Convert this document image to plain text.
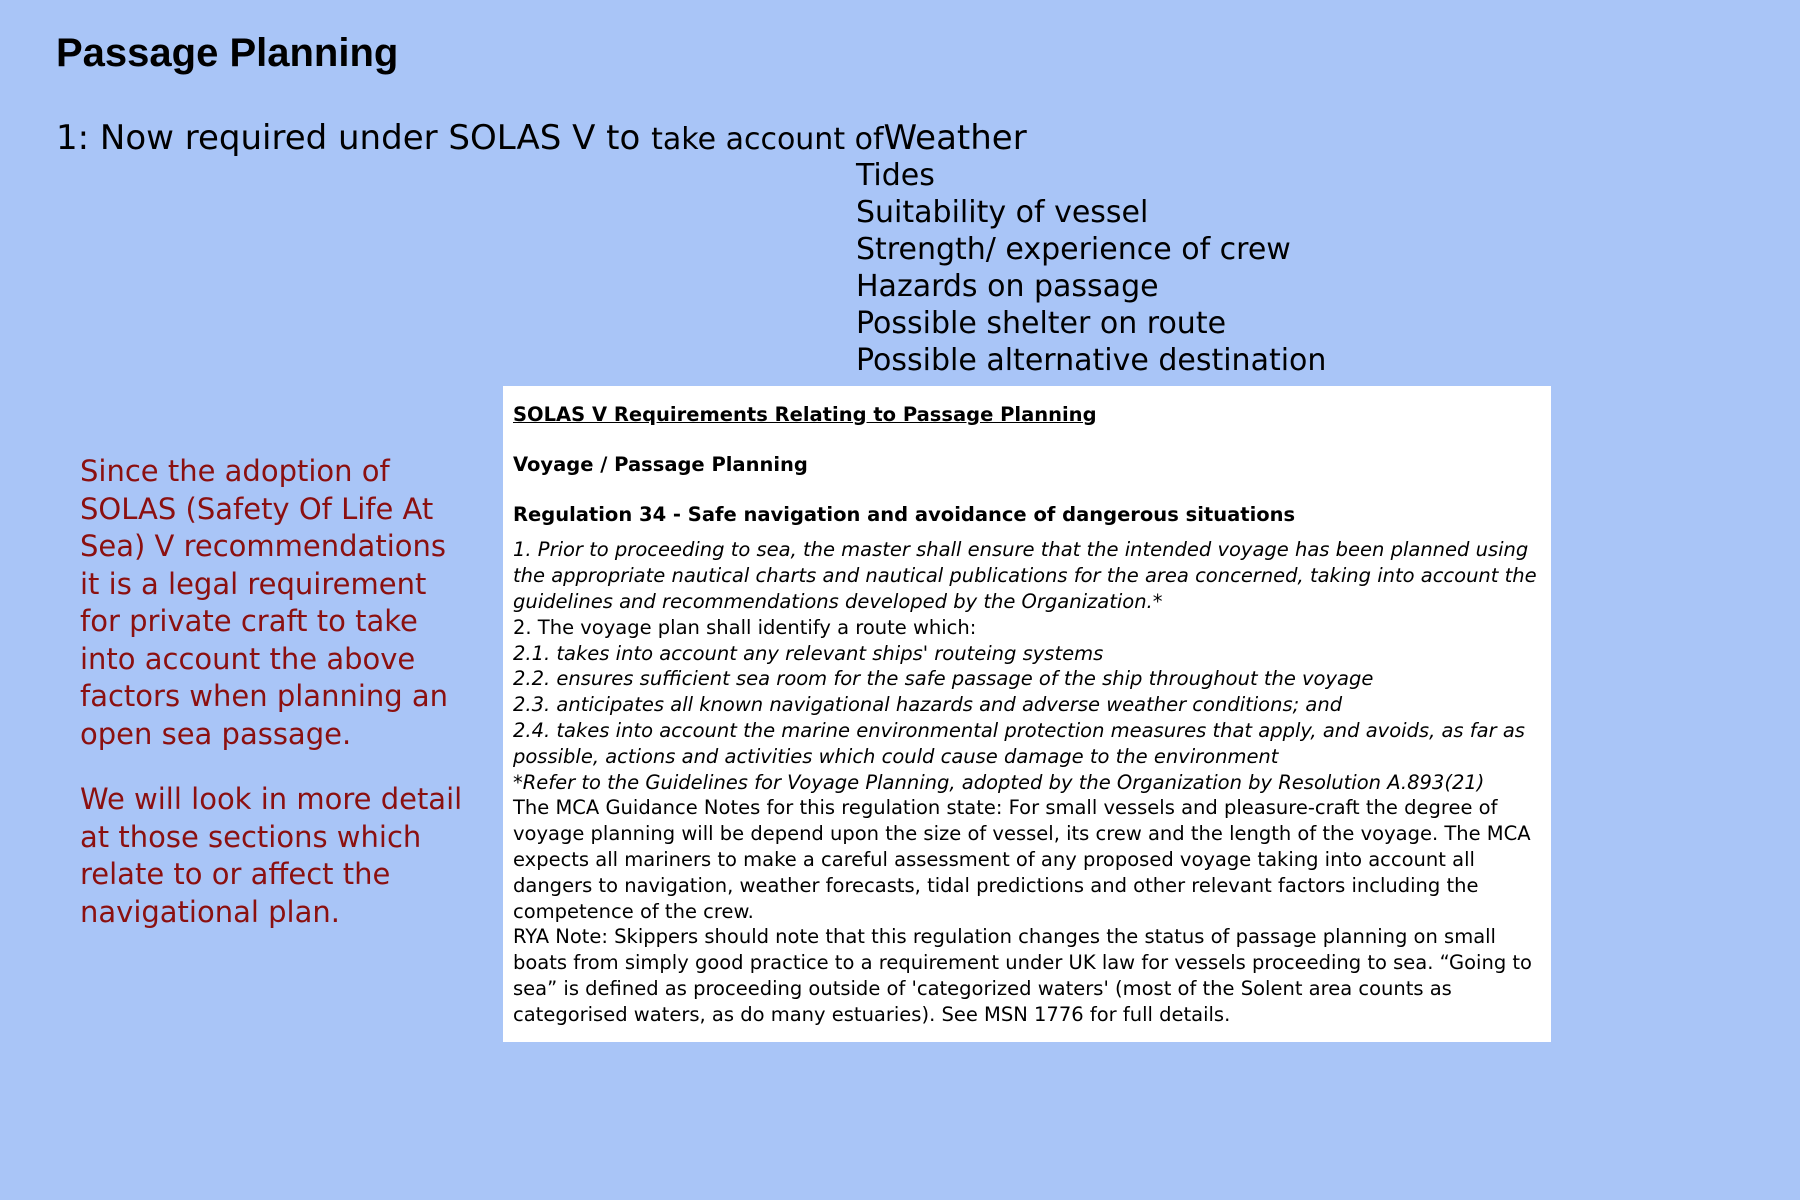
Passage Planning
1: Now required under SOLAS V to take account ofWeather
Tides
Suitability of vessel
Strength/ experience of crew
Hazards on passage
Possible shelter on route
Possible alternative destination

Since the adoption of SOLAS (Safety Of Life At Sea) V recommendations it is a legal requirement for private craft to take into account the above factors when planning an open sea passage.

We will look in more detail at those sections which relate to or affect the navigational plan.

SOLAS V Requirements Relating to Passage Planning
Voyage / Passage Planning
Regulation 34 - Safe navigation and avoidance of dangerous situations

1. Prior to proceeding to sea, the master shall ensure that the intended voyage has been planned using the appropriate nautical charts and nautical publications for the area concerned, taking into account the guidelines and recommendations developed by the Organization.*

2. The voyage plan shall identify a route which:

2.1. takes into account any relevant ships' routeing systems

2.2. ensures sufficient sea room for the safe passage of the ship throughout the voyage

2.3. anticipates all known navigational hazards and adverse weather conditions; and

2.4. takes into account the marine environmental protection measures that apply, and avoids, as far as possible, actions and activities which could cause damage to the environment

*Refer to the Guidelines for Voyage Planning, adopted by the Organization by Resolution A.893(21)

The MCA Guidance Notes for this regulation state: For small vessels and pleasure-craft the degree of voyage planning will be depend upon the size of vessel, its crew and the length of the voyage. The MCA expects all mariners to make a careful assessment of any proposed voyage taking into account all dangers to navigation, weather forecasts, tidal predictions and other relevant factors including the competence of the crew.

RYA Note: Skippers should note that this regulation changes the status of passage planning on small boats from simply good practice to a requirement under UK law for vessels proceeding to sea. “Going to sea” is defined as proceeding outside of 'categorized waters' (most of the Solent area counts as categorised waters, as do many estuaries). See MSN 1776 for full details.
